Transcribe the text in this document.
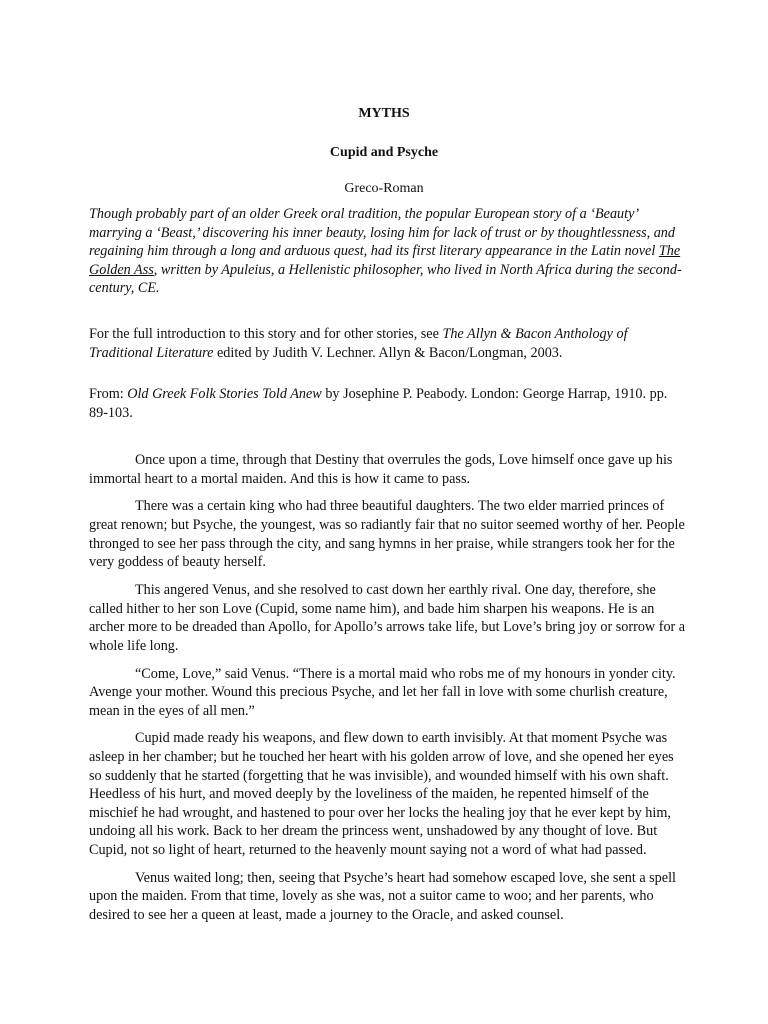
MYTHS
Cupid and Psyche
Greco-Roman
Though probably part of an older Greek oral tradition, the popular European story of a ‘Beauty’ marrying a ‘Beast,’ discovering his inner beauty, losing him for lack of trust or by thoughtlessness, and regaining him through a long and arduous quest, had its first literary appearance in the Latin novel The Golden Ass, written by Apuleius, a Hellenistic philosopher, who lived in North Africa during the second-century, CE.
For the full introduction to this story and for other stories, see The Allyn & Bacon Anthology of Traditional Literature edited by Judith V. Lechner. Allyn & Bacon/Longman, 2003.
From: Old Greek Folk Stories Told Anew by Josephine P. Peabody. London: George Harrap, 1910. pp. 89-103.

Once upon a time, through that Destiny that overrules the gods, Love himself once gave up his immortal heart to a mortal maiden. And this is how it came to pass.

There was a certain king who had three beautiful daughters. The two elder married princes of great renown; but Psyche, the youngest, was so radiantly fair that no suitor seemed worthy of her. People thronged to see her pass through the city, and sang hymns in her praise, while strangers took her for the very goddess of beauty herself.

This angered Venus, and she resolved to cast down her earthly rival. One day, therefore, she called hither to her son Love (Cupid, some name him), and bade him sharpen his weapons. He is an archer more to be dreaded than Apollo, for Apollo’s arrows take life, but Love’s bring joy or sorrow for a whole life long.

“Come, Love,” said Venus. “There is a mortal maid who robs me of my honours in yonder city. Avenge your mother. Wound this precious Psyche, and let her fall in love with some churlish creature, mean in the eyes of all men.”

Cupid made ready his weapons, and flew down to earth invisibly. At that moment Psyche was asleep in her chamber; but he touched her heart with his golden arrow of love, and she opened her eyes so suddenly that he started (forgetting that he was invisible), and wounded himself with his own shaft. Heedless of his hurt, and moved deeply by the loveliness of the maiden, he repented himself of the mischief he had wrought, and hastened to pour over her locks the healing joy that he ever kept by him, undoing all his work. Back to her dream the princess went, unshadowed by any thought of love. But Cupid, not so light of heart, returned to the heavenly mount saying not a word of what had passed.

Venus waited long; then, seeing that Psyche’s heart had somehow escaped love, she sent a spell upon the maiden. From that time, lovely as she was, not a suitor came to woo; and her parents, who desired to see her a queen at least, made a journey to the Oracle, and asked counsel.
